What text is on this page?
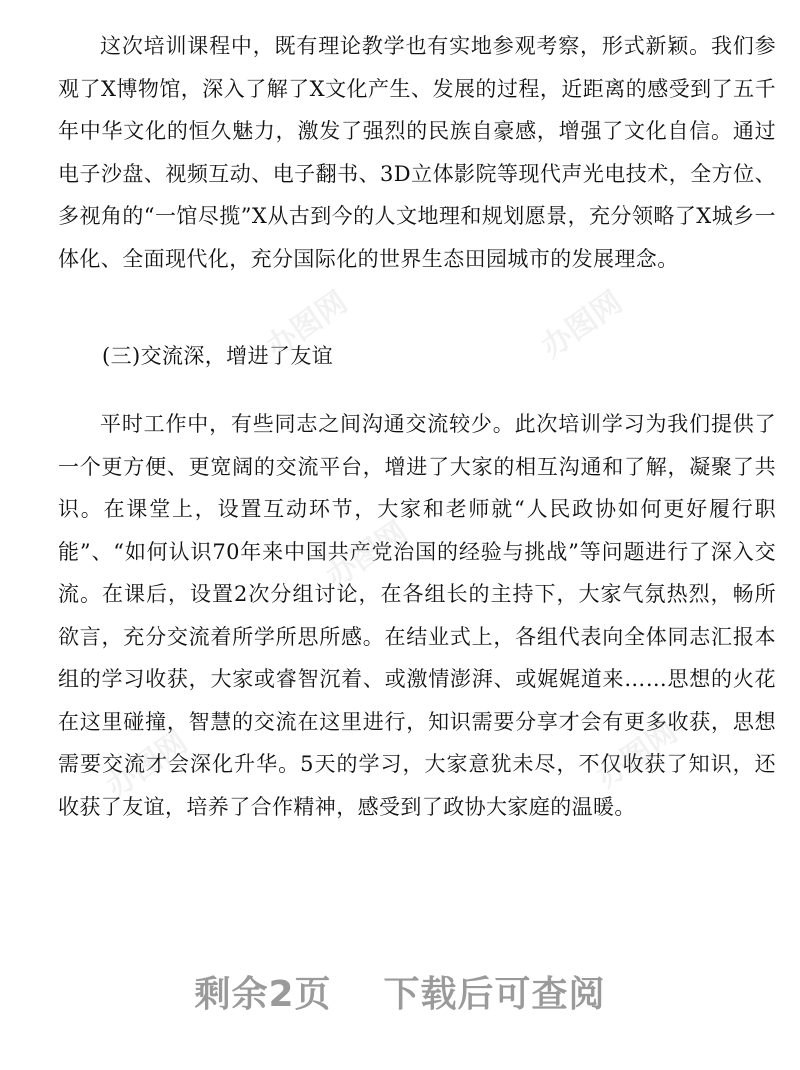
这次培训课程中，既有理论教学也有实地参观考察，形式新颖。我们参观了X博物馆，深入了解了X文化产生、发展的过程，近距离的感受到了五千年中华文化的恒久魅力，激发了强烈的民族自豪感，增强了文化自信。通过电子沙盘、视频互动、电子翻书、3D立体影院等现代声光电技术，全方位、多视角的“一馆尽揽”X从古到今的人文地理和规划愿景，充分领略了X城乡一体化、全面现代化，充分国际化的世界生态田园城市的发展理念。

(三)交流深，增进了友谊

平时工作中，有些同志之间沟通交流较少。此次培训学习为我们提供了一个更方便、更宽阔的交流平台，增进了大家的相互沟通和了解，凝聚了共识。在课堂上，设置互动环节，大家和老师就“人民政协如何更好履行职能”、“如何认识70年来中国共产党治国的经验与挑战”等问题进行了深入交流。在课后，设置2次分组讨论，在各组长的主持下，大家气氛热烈，畅所欲言，充分交流着所学所思所感。在结业式上，各组代表向全体同志汇报本组的学习收获，大家或睿智沉着、或激情澎湃、或娓娓道来……思想的火花在这里碰撞，智慧的交流在这里进行，知识需要分享才会有更多收获，思想需要交流才会深化升华。5天的学习，大家意犹未尽，不仅收获了知识，还收获了友谊，培养了合作精神，感受到了政协大家庭的温暖。

办图网	办图网
办图网
办图网	办图网
剩余2页 下载后可查阅
